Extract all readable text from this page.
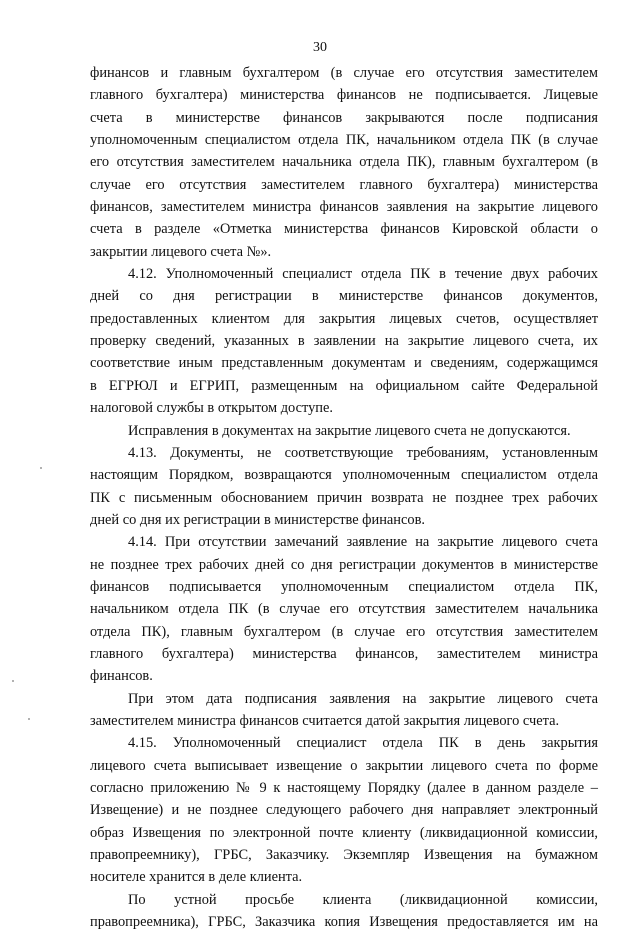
30
финансов и главным бухгалтером (в случае его отсутствия заместителем
главного бухгалтера) министерства финансов не подписывается. Лицевые
счета в министерстве финансов закрываются после подписания
уполномоченным специалистом отдела ПК, начальником отдела ПК (в случае
его отсутствия заместителем начальника отдела ПК), главным бухгалтером (в
случае его отсутствия заместителем главного бухгалтера) министерства
финансов, заместителем министра финансов заявления на закрытие лицевого
счета в разделе «Отметка министерства финансов Кировской области о
закрытии лицевого счета №».
4.12. Уполномоченный специалист отдела ПК в течение двух рабочих
дней со дня регистрации в министерстве финансов документов,
предоставленных клиентом для закрытия лицевых счетов, осуществляет
проверку сведений, указанных в заявлении на закрытие лицевого счета, их
соответствие иным представленным документам и сведениям, содержащимся
в ЕГРЮЛ и ЕГРИП, размещенным на официальном сайте Федеральной
налоговой службы в открытом доступе.
Исправления в документах на закрытие лицевого счета не допускаются.
4.13. Документы, не соответствующие требованиям, установленным
настоящим Порядком, возвращаются уполномоченным специалистом отдела
ПК с письменным обоснованием причин возврата не позднее трех рабочих
дней со дня их регистрации в министерстве финансов.
4.14. При отсутствии замечаний заявление на закрытие лицевого счета
не позднее трех рабочих дней со дня регистрации документов в министерстве
финансов подписывается уполномоченным специалистом отдела ПК,
начальником отдела ПК (в случае его отсутствия заместителем начальника
отдела ПК), главным бухгалтером (в случае его отсутствия заместителем
главного бухгалтера) министерства финансов, заместителем министра
финансов.
При этом дата подписания заявления на закрытие лицевого счета
заместителем министра финансов считается датой закрытия лицевого счета.
4.15. Уполномоченный специалист отдела ПК в день закрытия
лицевого счета выписывает извещение о закрытии лицевого счета по форме
согласно приложению № 9 к настоящему Порядку (далее в данном разделе –
Извещение) и не позднее следующего рабочего дня направляет электронный
образ Извещения по электронной почте клиенту (ликвидационной комиссии,
правопреемнику), ГРБС, Заказчику. Экземпляр Извещения на бумажном
носителе хранится в деле клиента.
По устной просьбе клиента (ликвидационной комиссии,
правопреемника), ГРБС, Заказчика копия Извещения предоставляется им на
